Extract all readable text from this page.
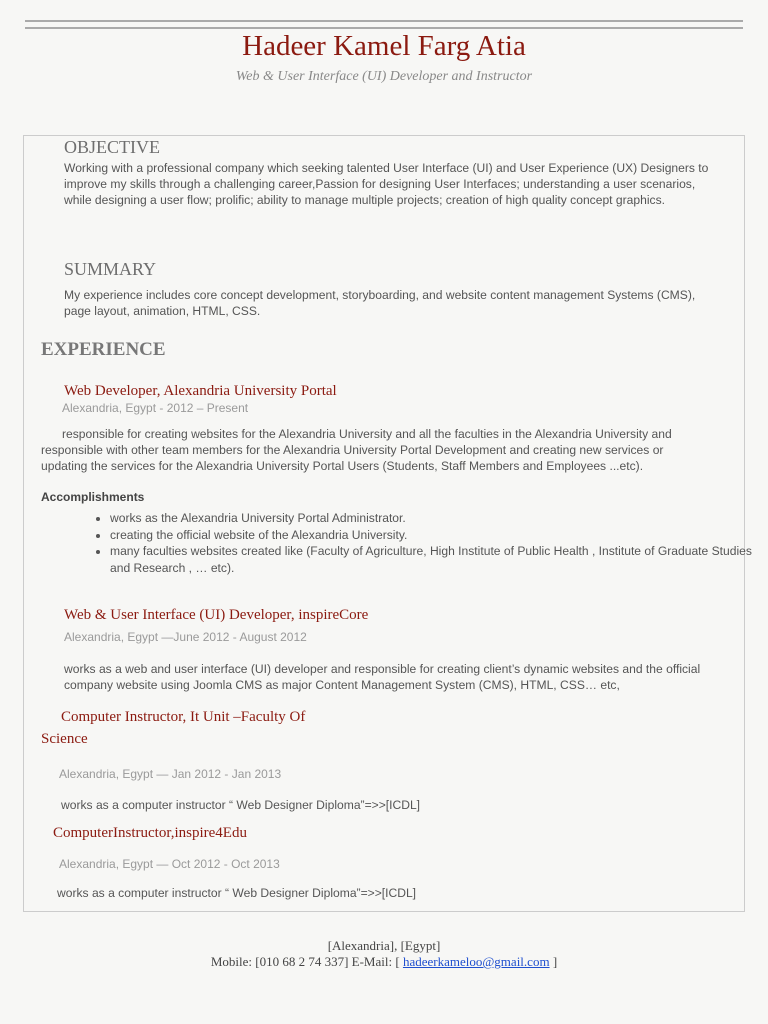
Hadeer Kamel Farg Atia
Web & User Interface (UI) Developer and Instructor
OBJECTIVE
Working with a professional company which seeking talented User Interface (UI) and User Experience (UX) Designers to
improve my skills through a challenging career,Passion for designing User Interfaces; understanding a user scenarios,
while designing a user flow; prolific; ability to manage multiple projects; creation of high quality concept graphics.
SUMMARY
My experience includes core concept development, storyboarding, and website content management Systems (CMS),
page layout, animation, HTML, CSS.
EXPERIENCE
Web Developer, Alexandria University Portal
Alexandria, Egypt - 2012 – Present
responsible for creating websites for the Alexandria University and all the faculties in the Alexandria University and
responsible with other team members for the Alexandria University Portal Development and creating new services or
updating the services for the Alexandria University Portal Users (Students, Staff Members and Employees ...etc).
Accomplishments
• works as the Alexandria University Portal Administrator.
• creating the official website of the Alexandria University.
• many faculties websites created like (Faculty of Agriculture, High Institute of Public Health , Institute of Graduate Studies and Research , … etc).
Web & User Interface (UI) Developer, inspireCore
Alexandria, Egypt —June 2012 - August 2012
works as a web and user interface (UI) developer and responsible for creating client’s dynamic websites and the official
company website using Joomla CMS as major Content Management System (CMS), HTML, CSS… etc,
Computer Instructor, It Unit –Faculty Of
Science
Alexandria, Egypt — Jan 2012 - Jan 2013
works as a computer instructor “ Web Designer Diploma”=>>[ICDL]
ComputerInstructor,inspire4Edu
Alexandria, Egypt — Oct 2012 - Oct 2013
works as a computer instructor “ Web Designer Diploma”=>>[ICDL]
[Alexandria], [Egypt]
Mobile: [010 68 2 74 337] E-Mail: [ hadeerkameloo@gmail.com ]
